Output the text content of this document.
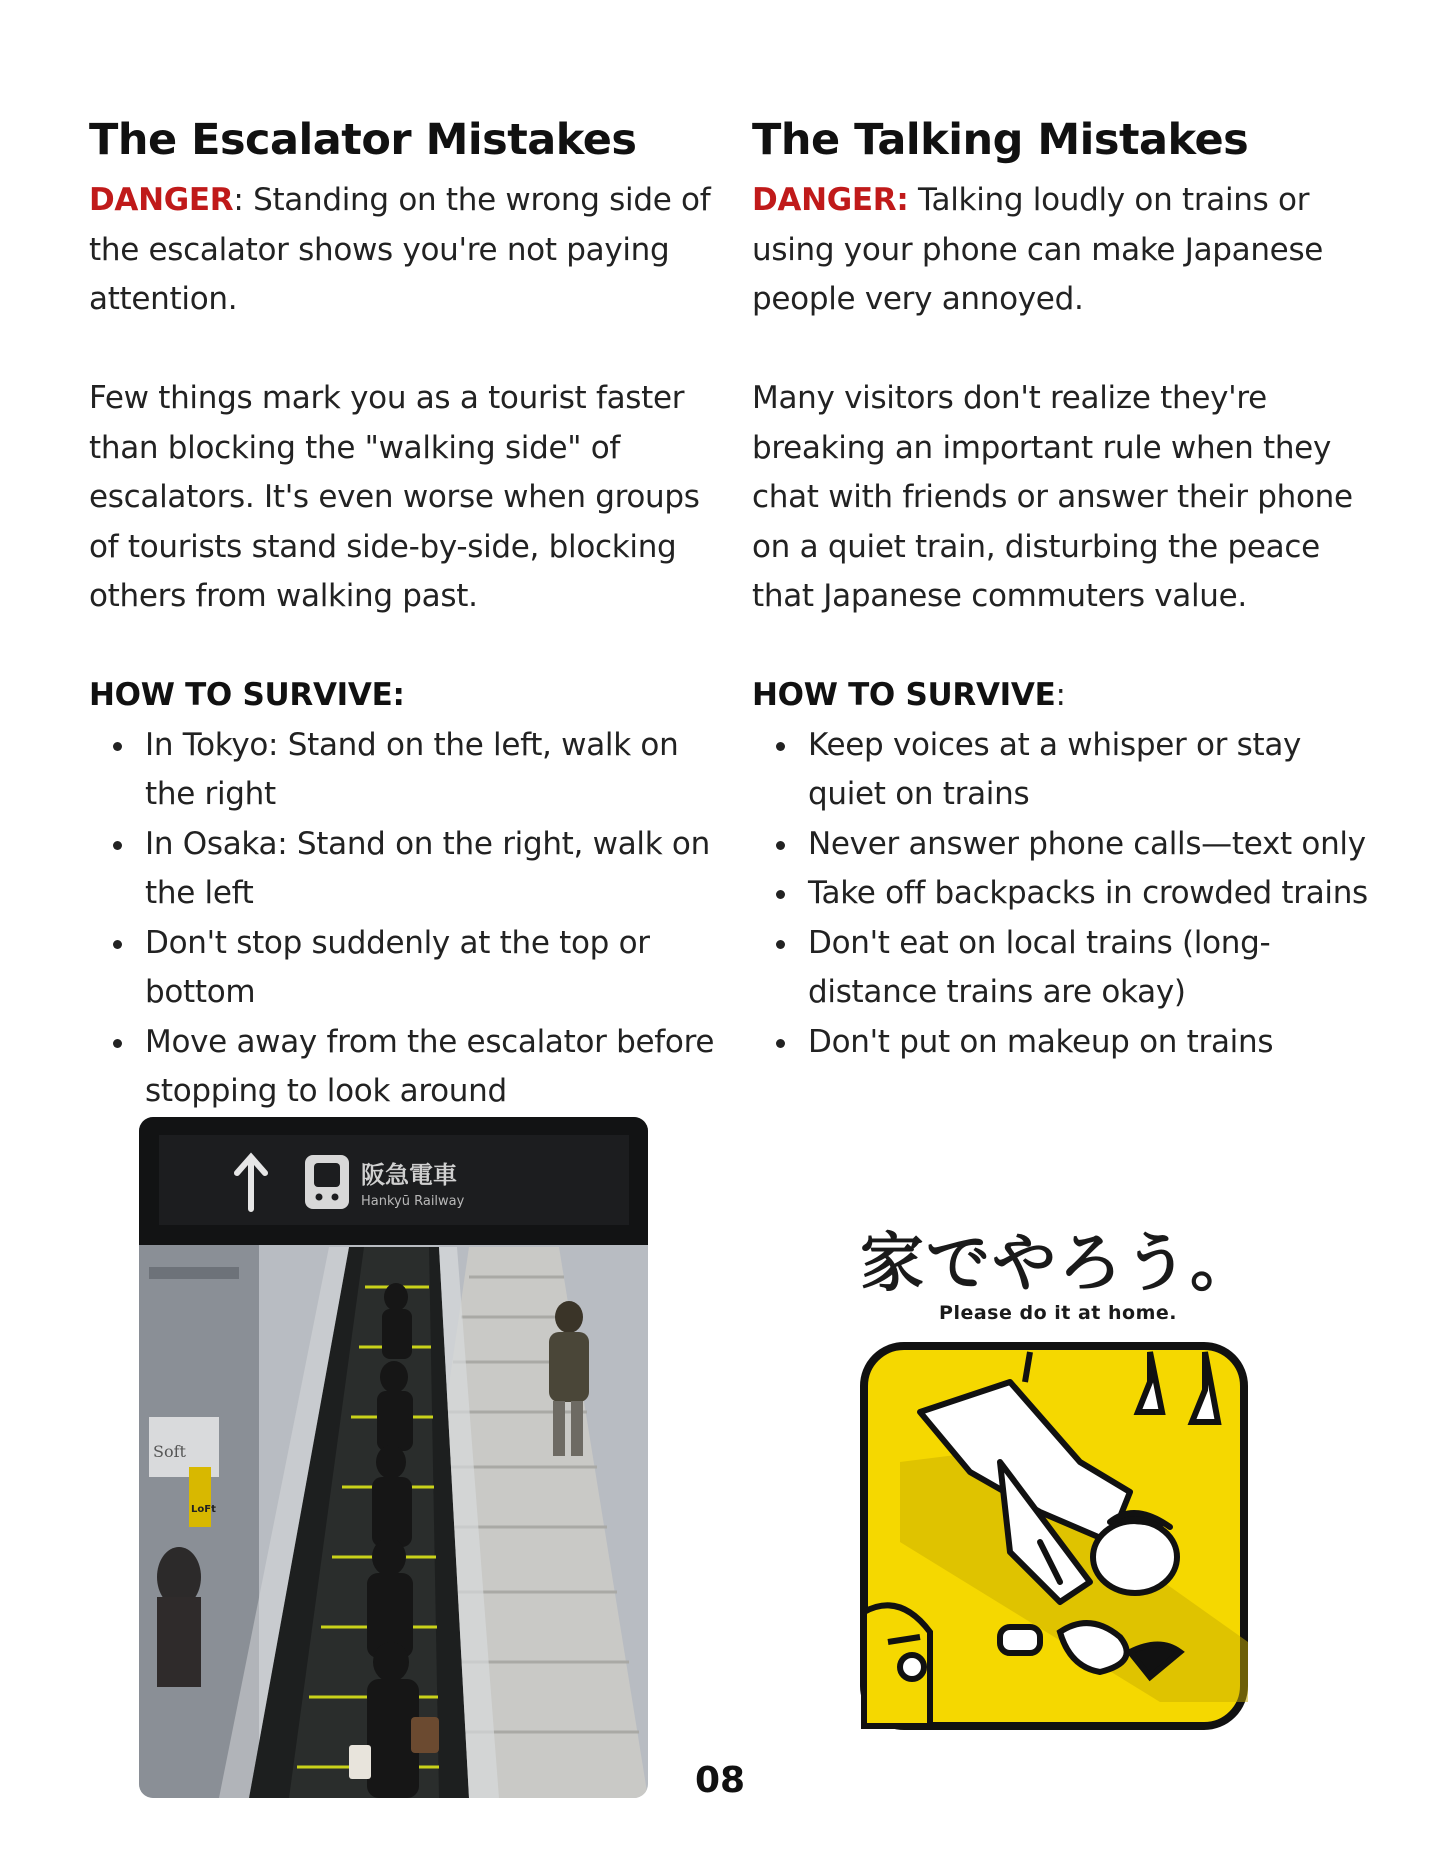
The Escalator Mistakes

DANGER: Standing on the wrong side of the escalator shows you're not paying attention.

Few things mark you as a tourist faster than blocking the "walking side" of escalators. It's even worse when groups of tourists stand side-by-side, blocking others from walking past.

HOW TO SURVIVE:

In Tokyo: Stand on the left, walk on the right
In Osaka: Stand on the right, walk on the left
Don't stop suddenly at the top or bottom
Move away from the escalator before stopping to look around
The Talking Mistakes

DANGER: Talking loudly on trains or using your phone can make Japanese people very annoyed.

Many visitors don't realize they're breaking an important rule when they chat with friends or answer their phone on a quiet train, disturbing the peace that Japanese commuters value.

HOW TO SURVIVE:

Keep voices at a whisper or stay quiet on trains
Never answer phone calls—text only
Take off backpacks in crowded trains
Don't eat on local trains (long-distance trains are okay)
Don't put on makeup on trains
Soft
LoFt
阪急電車
Hankyū Railway
家でやろう。
Please do it at home.
08
